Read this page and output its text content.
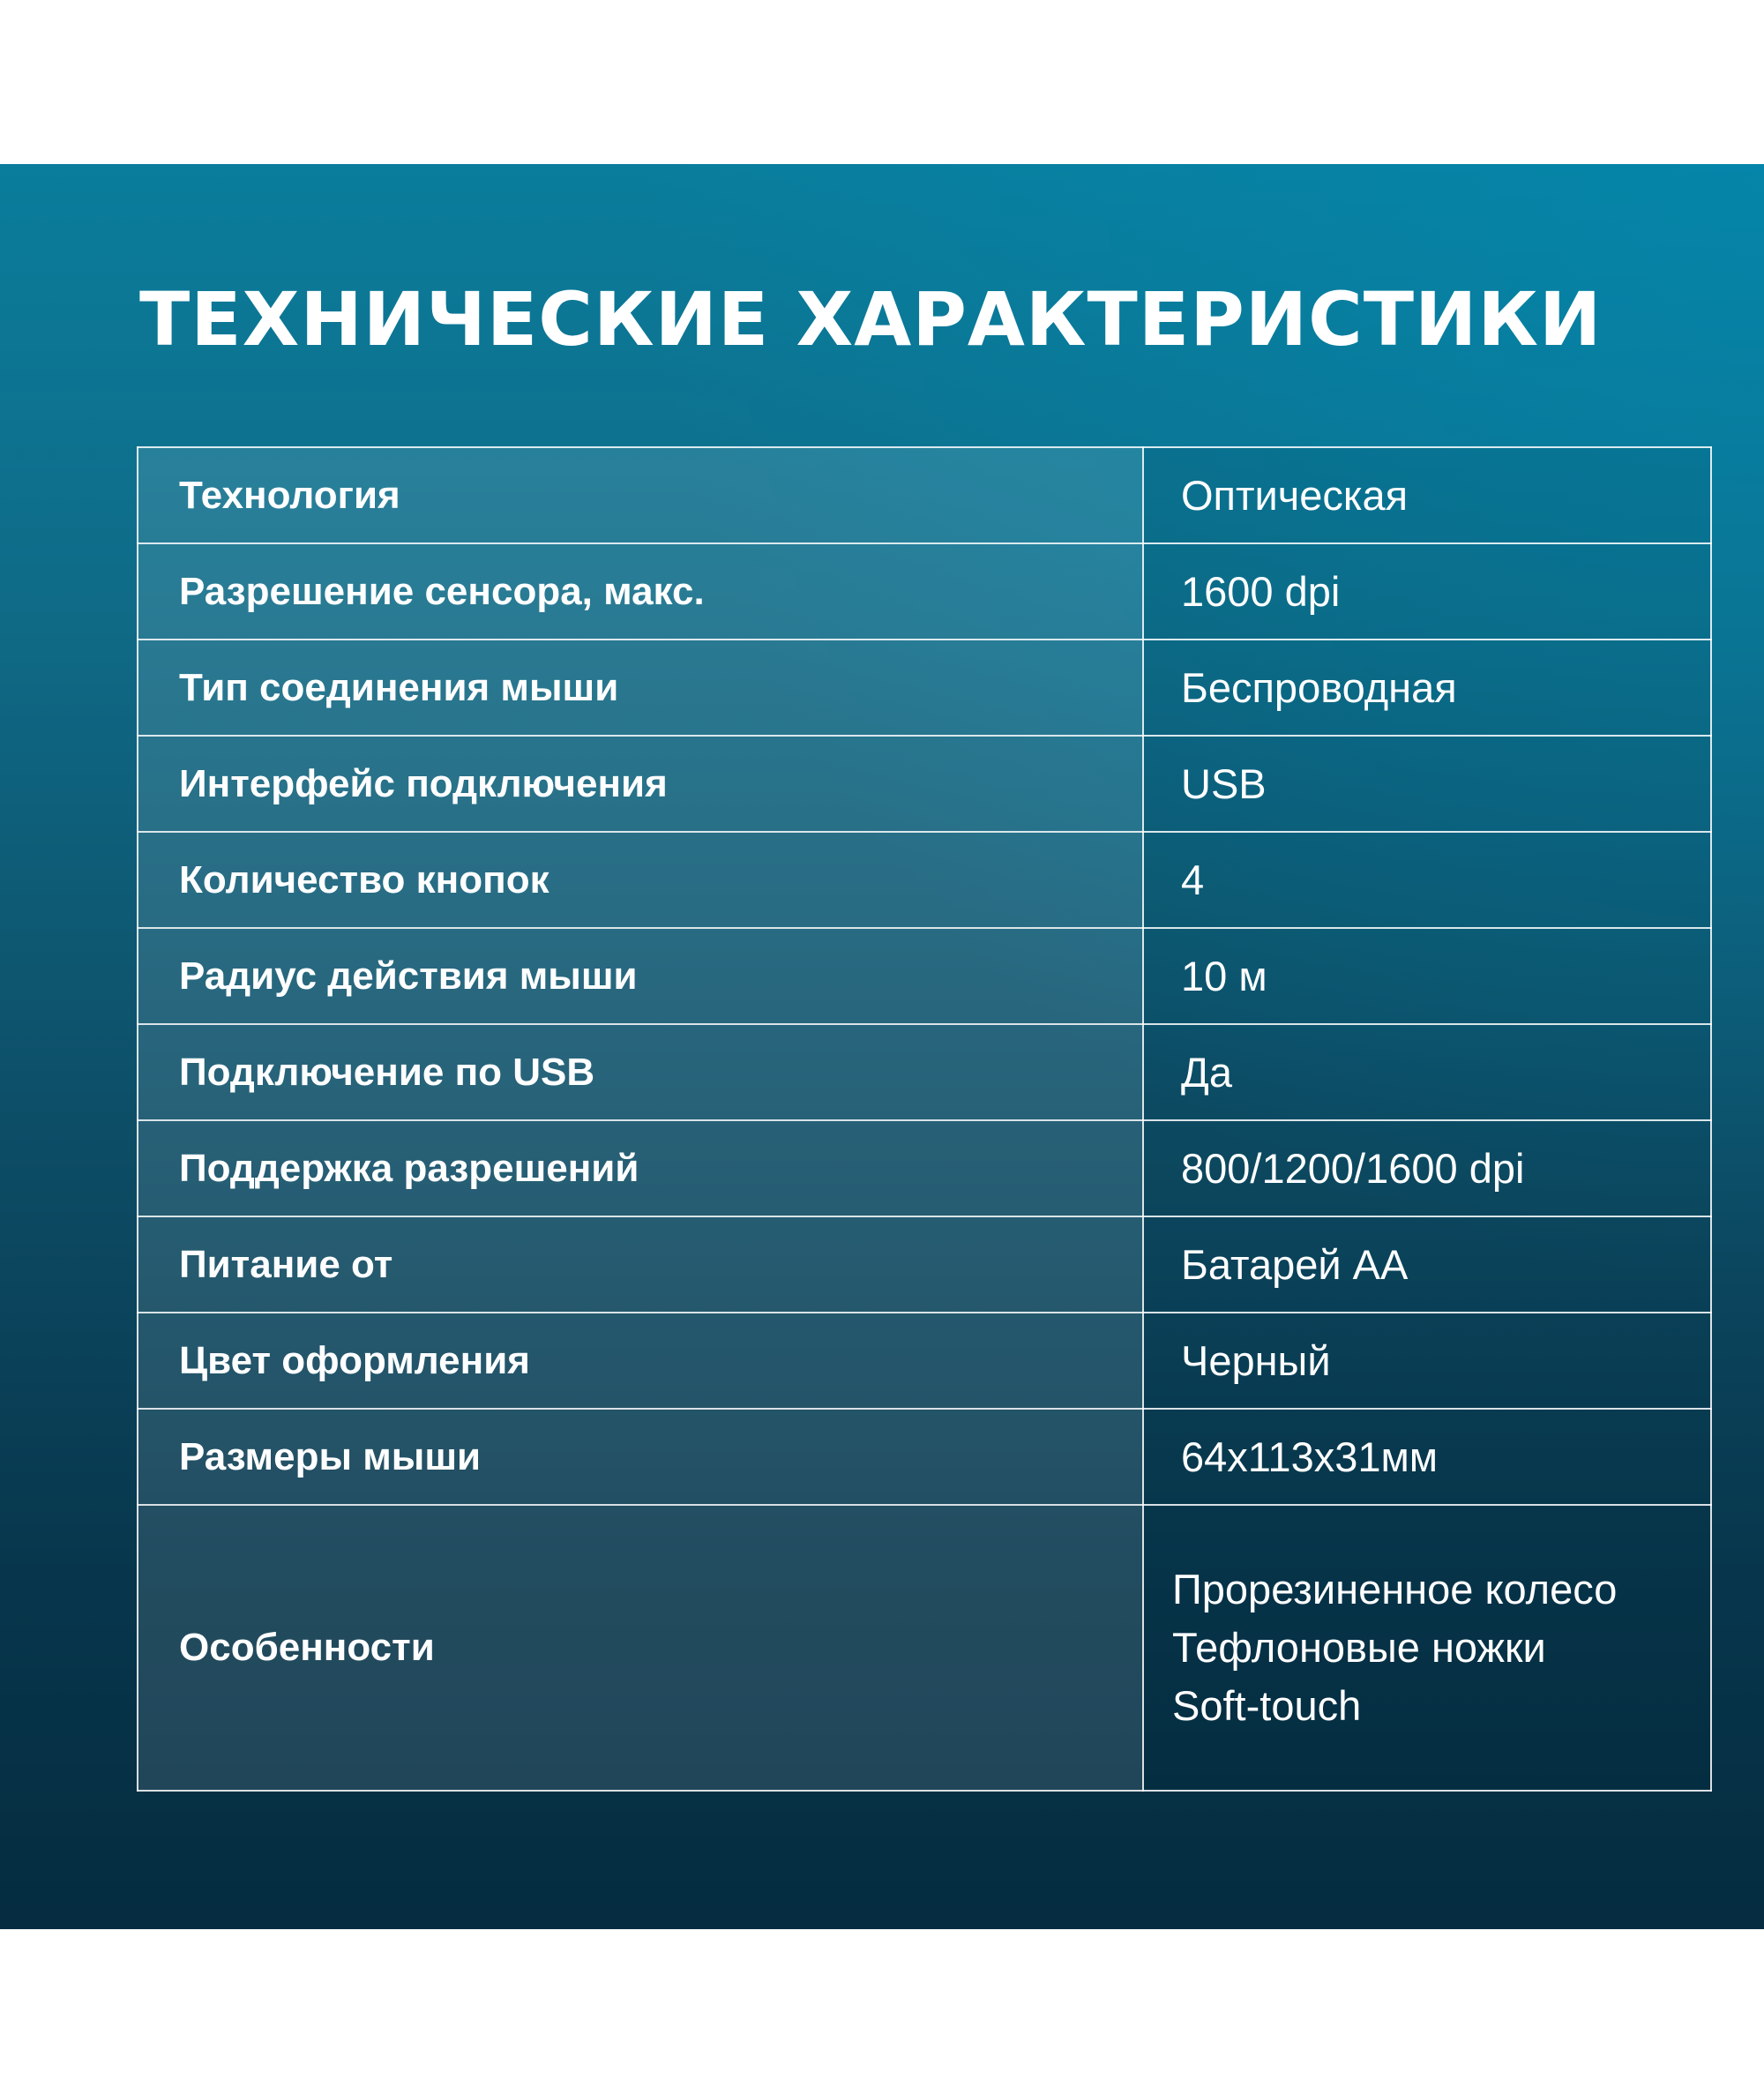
ТЕХНИЧЕСКИЕ ХАРАКТЕРИСТИКИ
Технология	Оптическая
Разрешение сенсора, макс.	1600 dpi
Тип соединения мыши	Беспроводная
Интерфейс подключения	USB
Количество кнопок	4
Радиус действия мыши	10 м
Подключение по USB	Да
Поддержка разрешений	800/1200/1600 dpi
Питание от	Батарей АА
Цвет оформления	Черный
Размеры мыши	64х113х31мм
Особенности	Прорезиненное колесо
Тефлоновые ножки
Soft-touch
